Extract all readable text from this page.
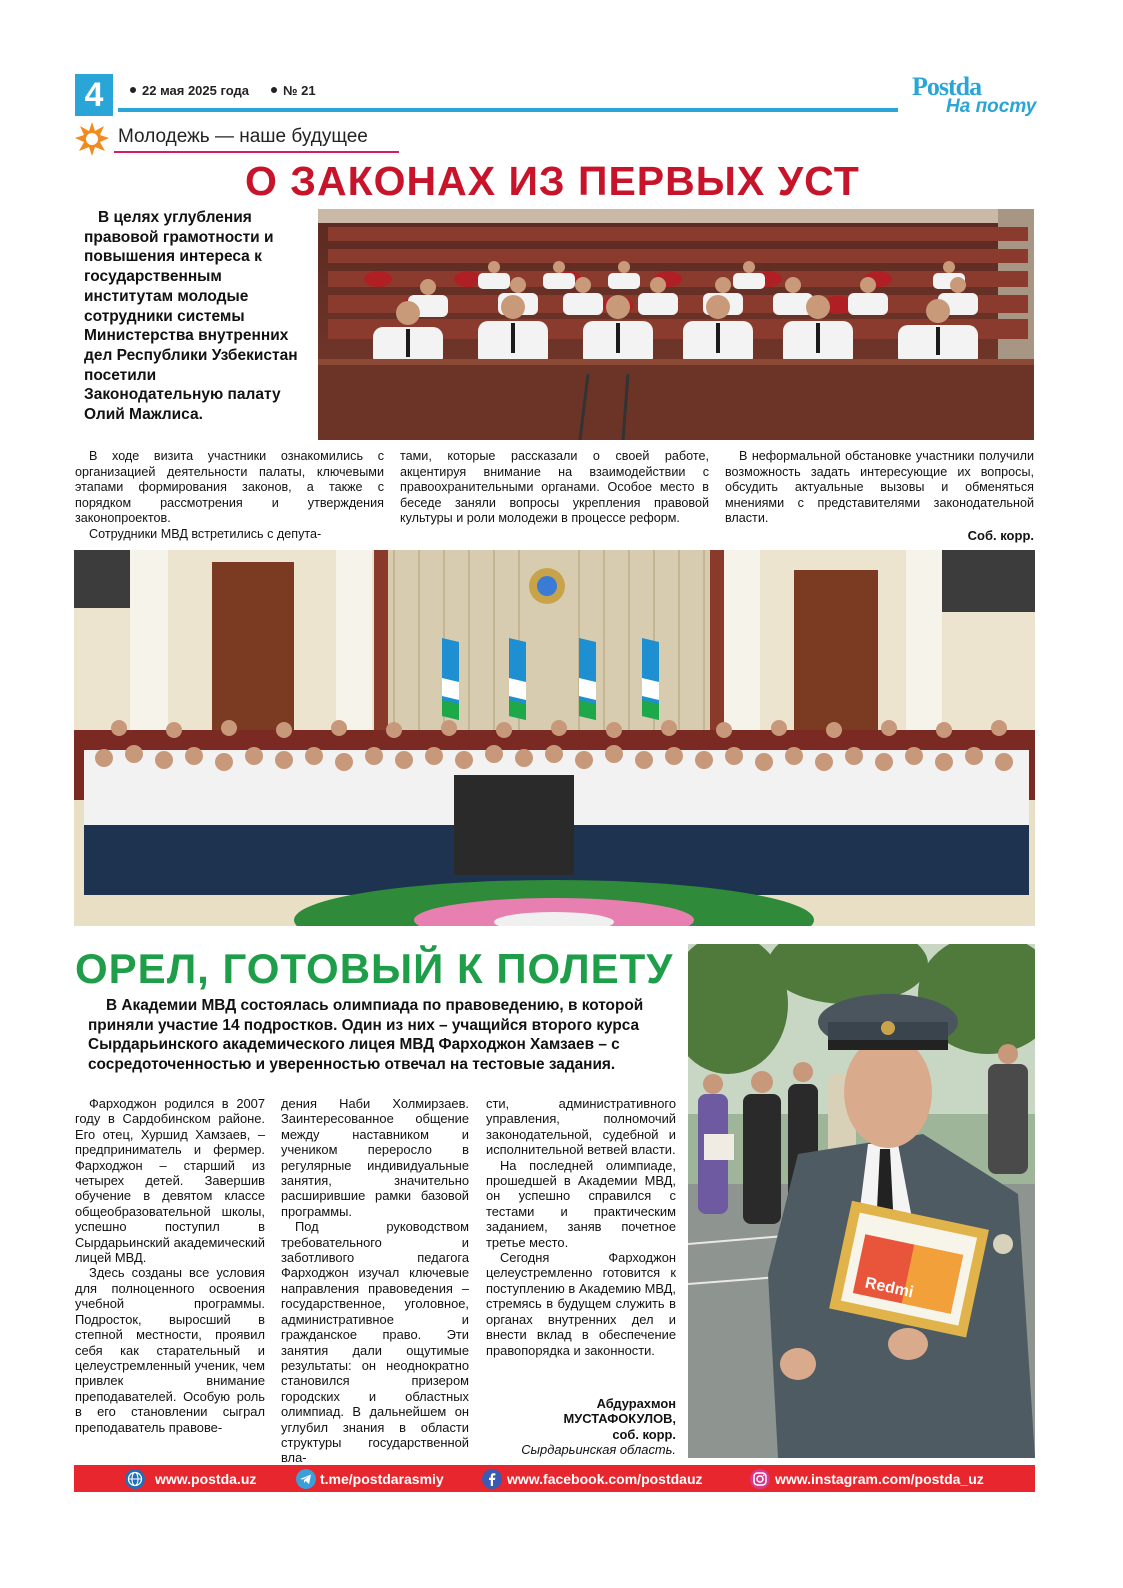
4	22 мая 2025 года	№ 21	Postda
На посту
Молодежь — наше будущее
О ЗАКОНАХ ИЗ ПЕРВЫХ УСТ
В целях углубления правовой грамотности и повышения интереса к государственным институтам молодые сотрудники системы Министерства внутренних дел Республики Узбекистан посетили Законодательную палату Олий Мажлиса.

В ходе визита участники ознакомились с организацией деятельности палаты, ключевыми этапами формирования законов, а также с порядком рассмотрения и утверждения законопроектов.

Сотрудники МВД встретились с депута-

тами, которые рассказали о своей работе, акцентируя внимание на взаимодействии с правоохранительными органами. Особое место в беседе заняли вопросы укрепления правовой культуры и роли молодежи в процессе реформ.

В неформальной обстановке участники получили возможность задать интересующие их вопросы, обсудить актуальные вызовы и обменяться мнениями с представителями законодательной власти.

Соб. корр.
ОРЕЛ, ГОТОВЫЙ К ПОЛЕТУ

В Академии МВД состоялась олимпиада по правоведению, в которой приняли участие 14 подростков. Один из них – учащийся второго курса Сырдарьинского академического лицея МВД Фарходжон Хамзаев – с сосредоточенностью и уверенностью отвечал на тестовые задания.

Фарходжон родился в 2007 году в Сардобинском районе. Его отец, Хуршид Хамзаев, – предприниматель и фермер. Фарходжон – старший из четырех детей. Завершив обучение в девятом классе общеобразовательной школы, успешно поступил в Сырдарьинский академический лицей МВД.

Здесь созданы все условия для полноценного освоения учебной программы. Подросток, выросший в степной местности, проявил себя как старательный и целеустремленный ученик, чем привлек внимание преподавателей. Особую роль в его становлении сыграл преподаватель правове-

дения Наби Холмирзаев. Заинтересованное общение между наставником и учеником переросло в регулярные индивидуальные занятия, значительно расширившие рамки базовой программы.

Под руководством требовательного и заботливого педагога Фарходжон изучал ключевые направления правоведения – государственное, уголовное, административное и гражданское право. Эти занятия дали ощутимые результаты: он неоднократно становился призером городских и областных олимпиад. В дальнейшем он углубил знания в области структуры государственной вла-

сти, административного управления, полномочий законодательной, судебной и исполнительной ветвей власти.

На последней олимпиаде, прошедшей в Академии МВД, он успешно справился с тестами и практическим заданием, заняв почетное третье место.

Сегодня Фарходжон целеустремленно готовится к поступлению в Академию МВД, стремясь в будущем служить в органах внутренних дел и внести вклад в обеспечение правопорядка и законности.

Абдурахмон
МУСТАФОКУЛОВ,
соб. корр.
Сырдарьинская область.
Redmi
www.postda.uz	t.me/postdarasmiy	www.facebook.com/postdauz	www.instagram.com/postda_uz
